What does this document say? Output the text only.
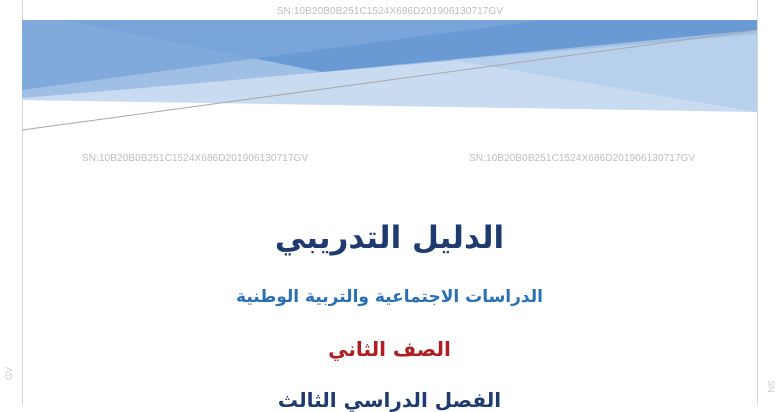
SN:10B20B0B251C1524X686D201906130717GV
SN:10B20B0B251C1524X686D201906130717GV	SN:10B20B0B251C1524X686D201906130717GV
GV
SN
الدليل التدريبي
الدراسات الاجتماعية والتربية الوطنية
الصف الثاني
الفصل الدراسي الثالث
